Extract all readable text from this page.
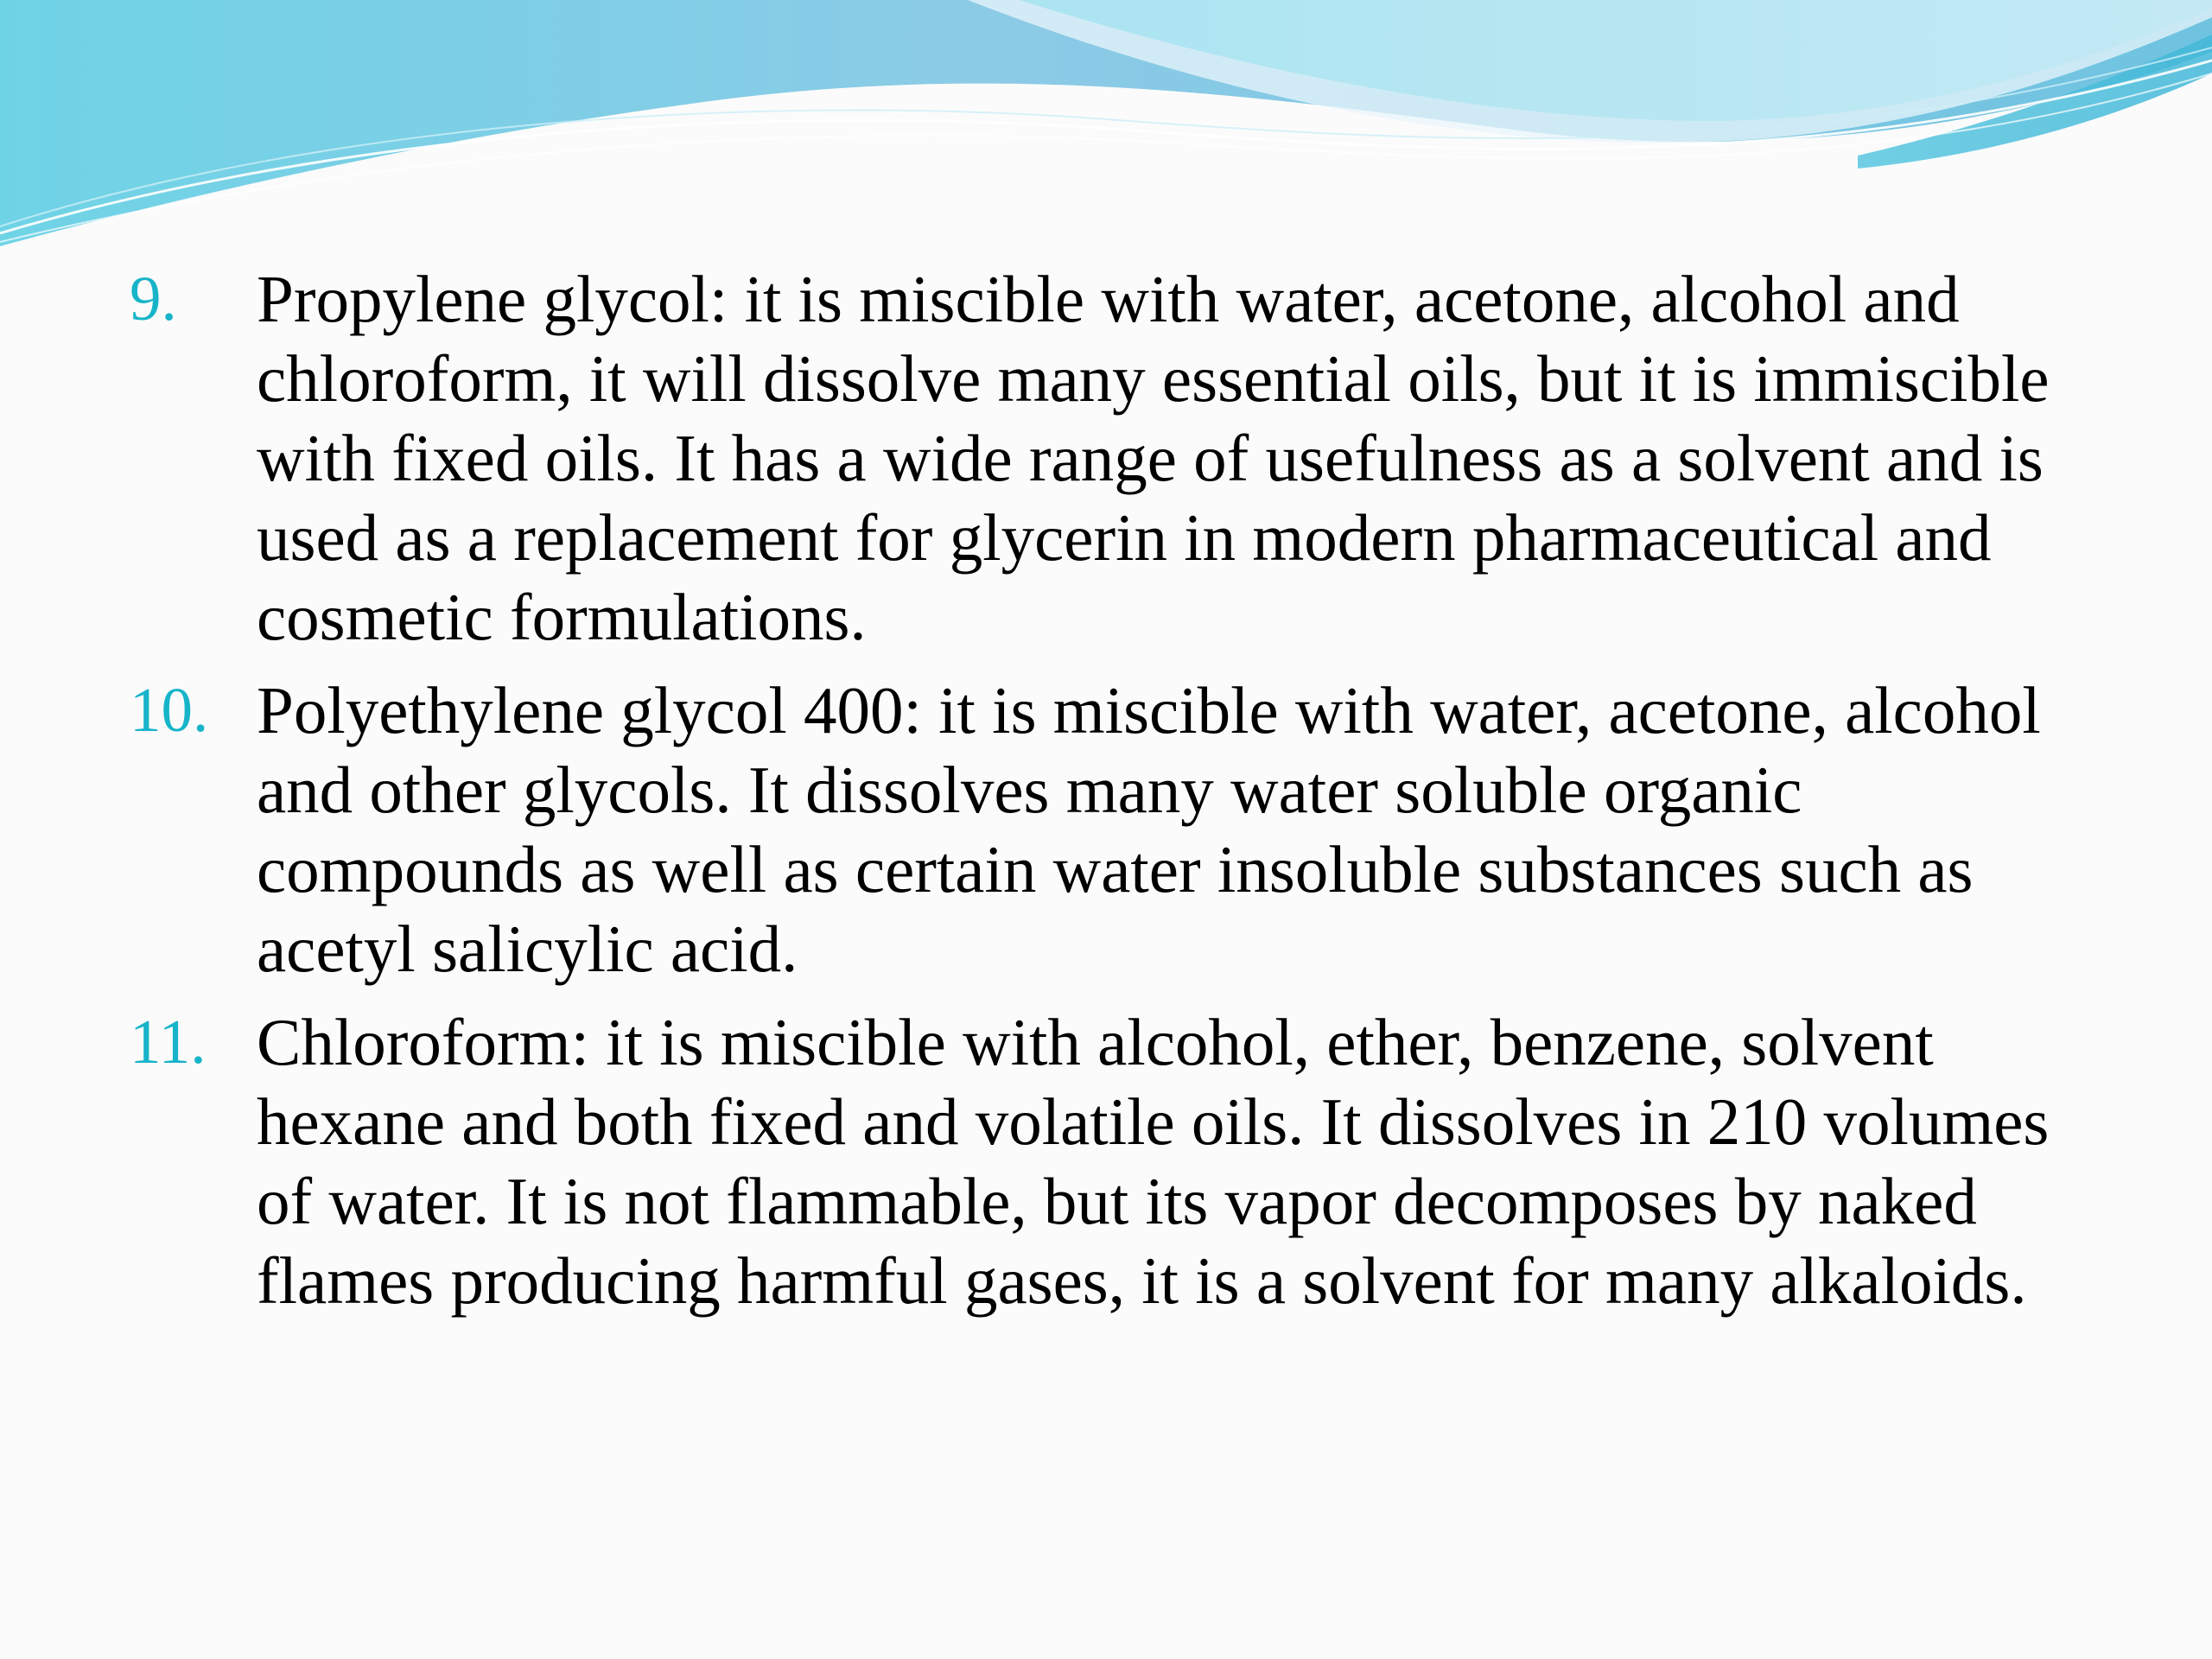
9. Propylene glycol: it is miscible with water, acetone, alcohol and chloroform, it will dissolve many essential oils, but it is immiscible with fixed oils. It has a wide range of usefulness as a solvent and is used as a replacement for glycerin in modern pharmaceutical and cosmetic formulations.
10. Polyethylene glycol 400: it is miscible with water, acetone, alcohol and other glycols. It dissolves many water soluble organic compounds as well as certain water insoluble substances such as acetyl salicylic acid.
11. Chloroform: it is miscible with alcohol, ether, benzene, solvent hexane and both fixed and volatile oils. It dissolves in 210 volumes of water. It is not flammable, but its vapor decomposes by naked flames producing harmful gases, it is a solvent for many alkaloids.
